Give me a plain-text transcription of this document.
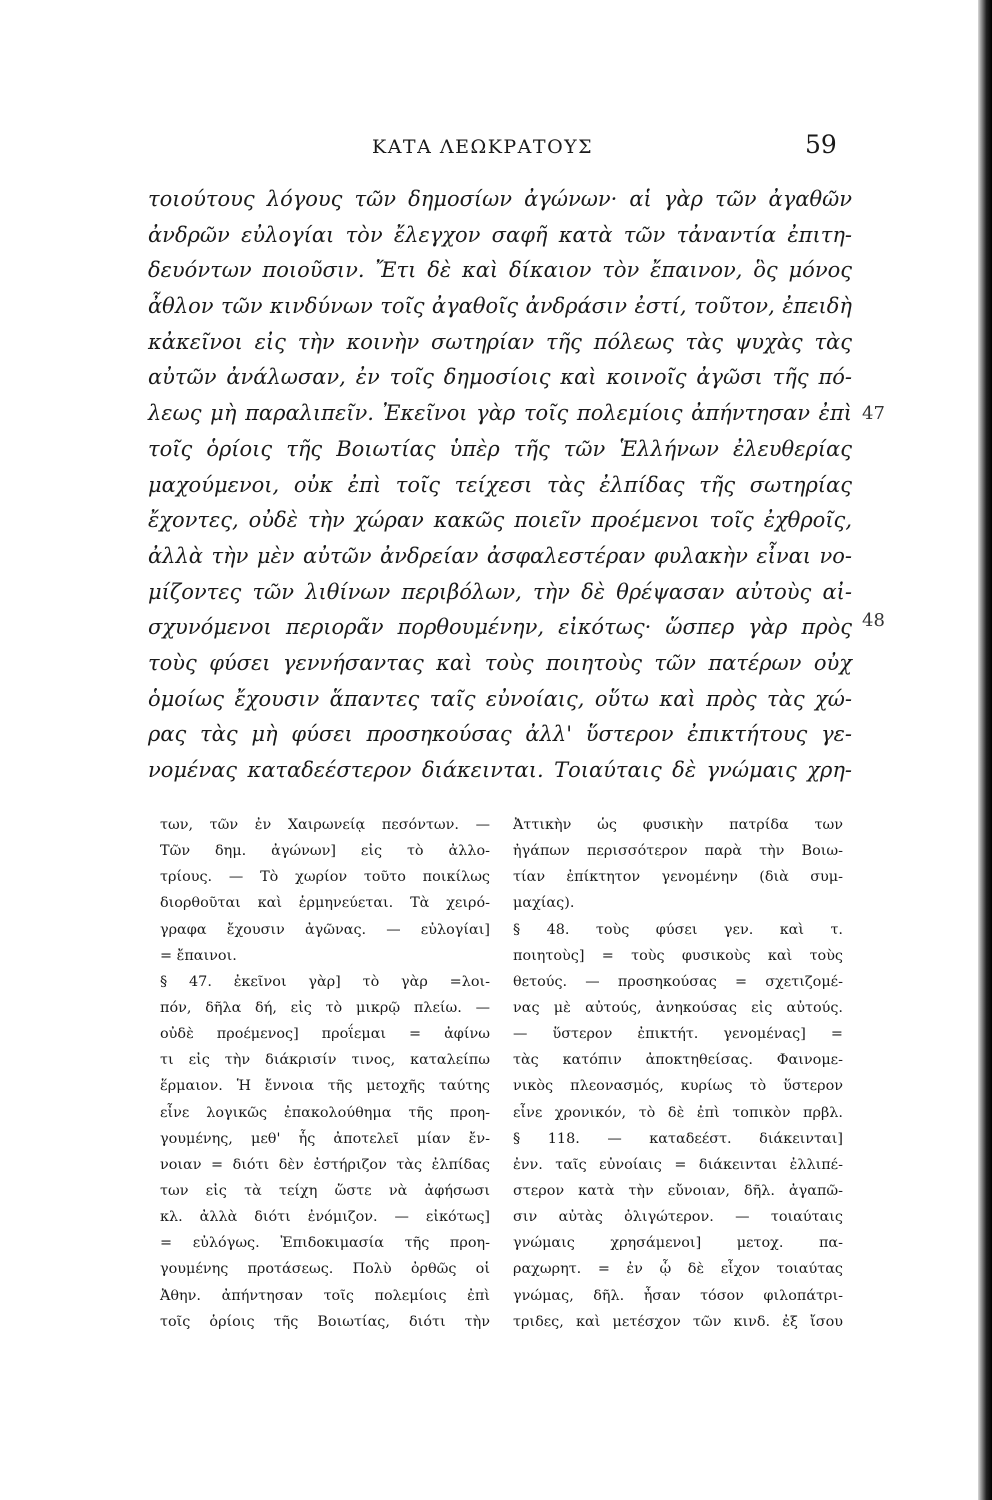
ΚΑΤΑ ΛΕΩΚΡΑΤΟΥΣ	59
τοιούτους λόγους τῶν δημοσίων ἀγώνων· αἱ γὰρ τῶν ἀγαθῶν
ἀνδρῶν εὐλογίαι τὸν ἔλεγχον σαφῆ κατὰ τῶν τἀναντία ἐπιτη-
δευόντων ποιοῦσιν. Ἔτι δὲ καὶ δίκαιον τὸν ἔπαινον, ὃς μόνος
ἆθλον τῶν κινδύνων τοῖς ἀγαθοῖς ἀνδράσιν ἐστί, τοῦτον, ἐπειδὴ
κἀκεῖνοι εἰς τὴν κοινὴν σωτηρίαν τῆς πόλεως τὰς ψυχὰς τὰς
αὐτῶν ἀνάλωσαν, ἐν τοῖς δημοσίοις καὶ κοινοῖς ἀγῶσι τῆς πό-
λεως μὴ παραλιπεῖν. Ἐκεῖνοι γὰρ τοῖς πολεμίοις ἀπήντησαν ἐπὶ
τοῖς ὁρίοις τῆς Βοιωτίας ὑπὲρ τῆς τῶν Ἑλλήνων ἐλευθερίας
μαχούμενοι, οὐκ ἐπὶ τοῖς τείχεσι τὰς ἐλπίδας τῆς σωτηρίας
ἔχοντες, οὐδὲ τὴν χώραν κακῶς ποιεῖν προέμενοι τοῖς ἐχθροῖς,
ἀλλὰ τὴν μὲν αὐτῶν ἀνδρείαν ἀσφαλεστέραν φυλακὴν εἶναι νο-
μίζοντες τῶν λιθίνων περιβόλων, τὴν δὲ θρέψασαν αὐτοὺς αἰ-
σχυνόμενοι περιορᾶν πορθουμένην, εἰκότως· ὥσπερ γὰρ πρὸς
τοὺς φύσει γεννήσαντας καὶ τοὺς ποιητοὺς τῶν πατέρων οὐχ
ὁμοίως ἔχουσιν ἅπαντες ταῖς εὐνοίαις, οὕτω καὶ πρὸς τὰς χώ-
ρας τὰς μὴ φύσει προσηκούσας ἀλλ' ὕστερον ἐπικτήτους γε-
νομένας καταδεέστερον διάκεινται. Τοιαύταις δὲ γνώμαις χρη-
47
48
των, τῶν ἐν Χαιρωνείᾳ πεσόντων. —
Τῶν δημ. ἀγώνων] εἰς τὸ ἀλλο-
τρίους. — Τὸ χωρίον τοῦτο ποικίλως
διορθοῦται καὶ ἑρμηνεύεται. Τὰ χειρό-
γραφα ἔχουσιν ἀγῶνας. — εὐλογίαι]
= ἔπαινοι.
§ 47. ἐκεῖνοι γὰρ] τὸ γὰρ =λοι-
πόν, δῆλα δή, εἰς τὸ μικρῷ πλείω. —
οὐδὲ προέμενος] προΐεμαι = ἀφίνω
τι εἰς τὴν διάκρισίν τινος, καταλείπω
ἕρμαιον. Ἡ ἔννοια τῆς μετοχῆς ταύτης
εἶνε λογικῶς ἐπακολούθημα τῆς προη-
γουμένης, μεθ' ἧς ἀποτελεῖ μίαν ἔν-
νοιαν = διότι δὲν ἐστήριζον τὰς ἐλπίδας
των εἰς τὰ τείχη ὥστε νὰ ἀφήσωσι
κλ. ἀλλὰ διότι ἐνόμιζον. — εἰκότως]
= εὐλόγως. Ἐπιδοκιμασία τῆς προη-
γουμένης προτάσεως. Πολὺ ὀρθῶς οἱ
Ἀθην. ἀπήντησαν τοῖς πολεμίοις ἐπὶ
τοῖς ὁρίοις τῆς Βοιωτίας, διότι τὴν
Ἀττικὴν ὡς φυσικὴν πατρίδα των
ἠγάπων περισσότερον παρὰ τὴν Βοιω-
τίαν ἐπίκτητον γενομένην (διὰ συμ-
μαχίας).
§ 48. τοὺς φύσει γεν. καὶ τ.
ποιητοὺς] = τοὺς φυσικοὺς καὶ τοὺς
θετούς. — προσηκούσας = σχετιζομέ-
νας μὲ αὐτούς, ἀνηκούσας εἰς αὐτούς.
— ὕστερον ἐπικτήτ. γενομένας] =
τὰς κατόπιν ἀποκτηθείσας. Φαινομε-
νικὸς πλεονασμός, κυρίως τὸ ὕστερον
εἶνε χρονικόν, τὸ δὲ ἐπὶ τοπικὸν πρβλ.
§ 118. — καταδεέστ. διάκεινται]
ἐνν. ταῖς εὐνοίαις = διάκεινται ἐλλιπέ-
στερον κατὰ τὴν εὔνοιαν, δῆλ. ἀγαπῶ-
σιν αὐτὰς ὀλιγώτερον. — τοιαύταις
γνώμαις χρησάμενοι] μετοχ. πα-
ραχωρητ. = ἐν ᾧ δὲ εἶχον τοιαύτας
γνώμας, δῆλ. ἦσαν τόσον φιλοπάτρι-
τριδες, καὶ μετέσχον τῶν κινδ. ἐξ ἴσου
